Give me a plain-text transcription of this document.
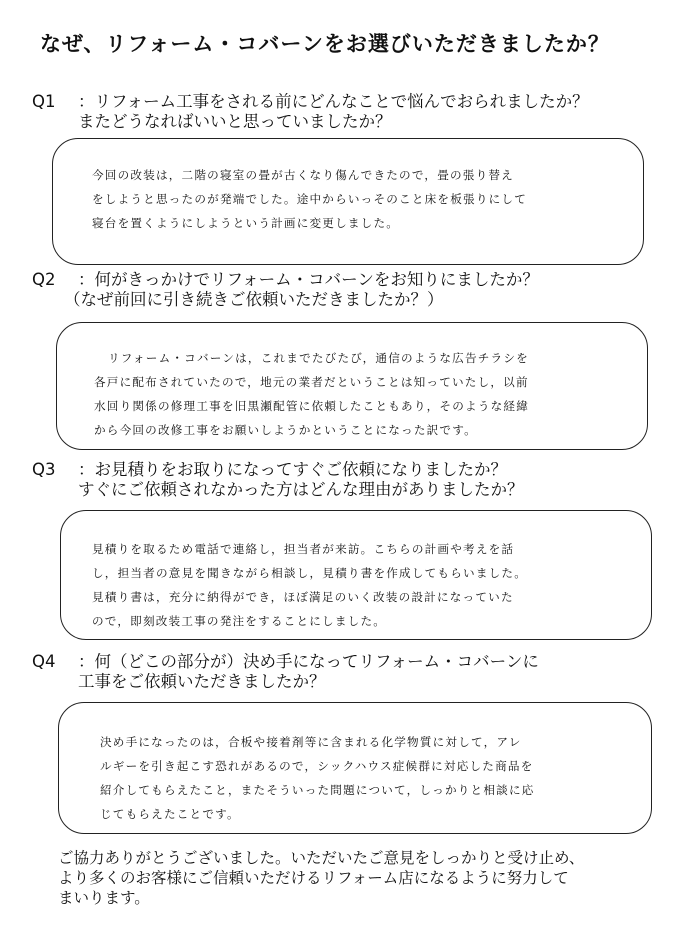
なぜ、リフォーム・コバーンをお選びいただきましたか？
Q1 ：リフォーム工事をされる前にどんなことで悩んでおられましたか？
またどうなればいいと思っていましたか？
今回の改装は，二階の寝室の畳が古くなり傷んできたので，畳の張り替え
をしようと思ったのが発端でした。途中からいっそのこと床を板張りにして
寝台を置くようにしようという計画に変更しました。
Q2 ：何がきっかけでリフォーム・コバーンをお知りにましたか？
（なぜ前回に引き続きご依頼いただきましたか？）
リフォーム・コバーンは，これまでたびたび，通信のような広告チラシを
各戸に配布されていたので，地元の業者だということは知っていたし，以前
水回り関係の修理工事を旧黒瀬配管に依頼したこともあり，そのような経緯
から今回の改修工事をお願いしようかということになった訳です。
Q3 ：お見積りをお取りになってすぐご依頼になりましたか？
すぐにご依頼されなかった方はどんな理由がありましたか？
見積りを取るため電話で連絡し，担当者が来訪。こちらの計画や考えを話
し，担当者の意見を聞きながら相談し，見積り書を作成してもらいました。
見積り書は，充分に納得ができ，ほぼ満足のいく改装の設計になっていた
ので，即刻改装工事の発注をすることにしました。
Q4 ：何（どこの部分が）決め手になってリフォーム・コバーンに
工事をご依頼いただきましたか？
決め手になったのは，合板や接着剤等に含まれる化学物質に対して，アレ
ルギーを引き起こす恐れがあるので，シックハウス症候群に対応した商品を
紹介してもらえたこと，またそういった問題について，しっかりと相談に応
じてもらえたことです。
ご協力ありがとうございました。いただいたご意見をしっかりと受け止め、
より多くのお客様にご信頼いただけるリフォーム店になるように努力して
まいります。
